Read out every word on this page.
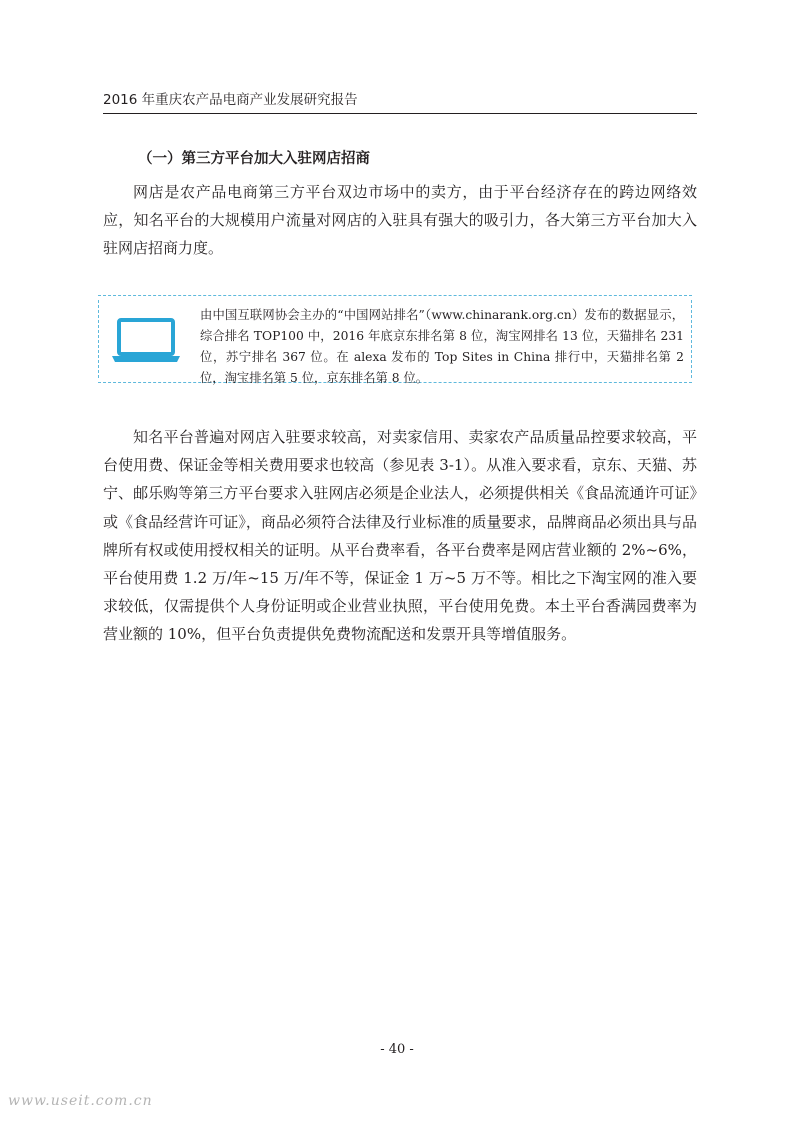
2016 年重庆农产品电商产业发展研究报告
（一）第三方平台加大入驻网店招商

网店是农产品电商第三方平台双边市场中的卖方，由于平台经济存在的跨边网络效应，知名平台的大规模用户流量对网店的入驻具有强大的吸引力，各大第三方平台加大入驻网店招商力度。

由中国互联网协会主办的“中国网站排名”（www.chinarank.org.cn）发布的数据显示，综合排名 TOP100 中，2016 年底京东排名第 8 位，淘宝网排名 13 位，天猫排名 231 位，苏宁排名 367 位。在 alexa 发布的 Top Sites in China 排行中，天猫排名第 2 位，淘宝排名第 5 位，京东排名第 8 位。

知名平台普遍对网店入驻要求较高，对卖家信用、卖家农产品质量品控要求较高，平台使用费、保证金等相关费用要求也较高（参见表 3-1）。从准入要求看，京东、天猫、苏宁、邮乐购等第三方平台要求入驻网店必须是企业法人，必须提供相关《食品流通许可证》或《食品经营许可证》，商品必须符合法律及行业标准的质量要求，品牌商品必须出具与品牌所有权或使用授权相关的证明。从平台费率看，各平台费率是网店营业额的 2%~6%，平台使用费 1.2 万/年~15 万/年不等，保证金 1 万~5 万不等。相比之下淘宝网的准入要求较低，仅需提供个人身份证明或企业营业执照，平台使用免费。本土平台香满园费率为营业额的 10%，但平台负责提供免费物流配送和发票开具等增值服务。

- 40 -
www.useit.com.cn
